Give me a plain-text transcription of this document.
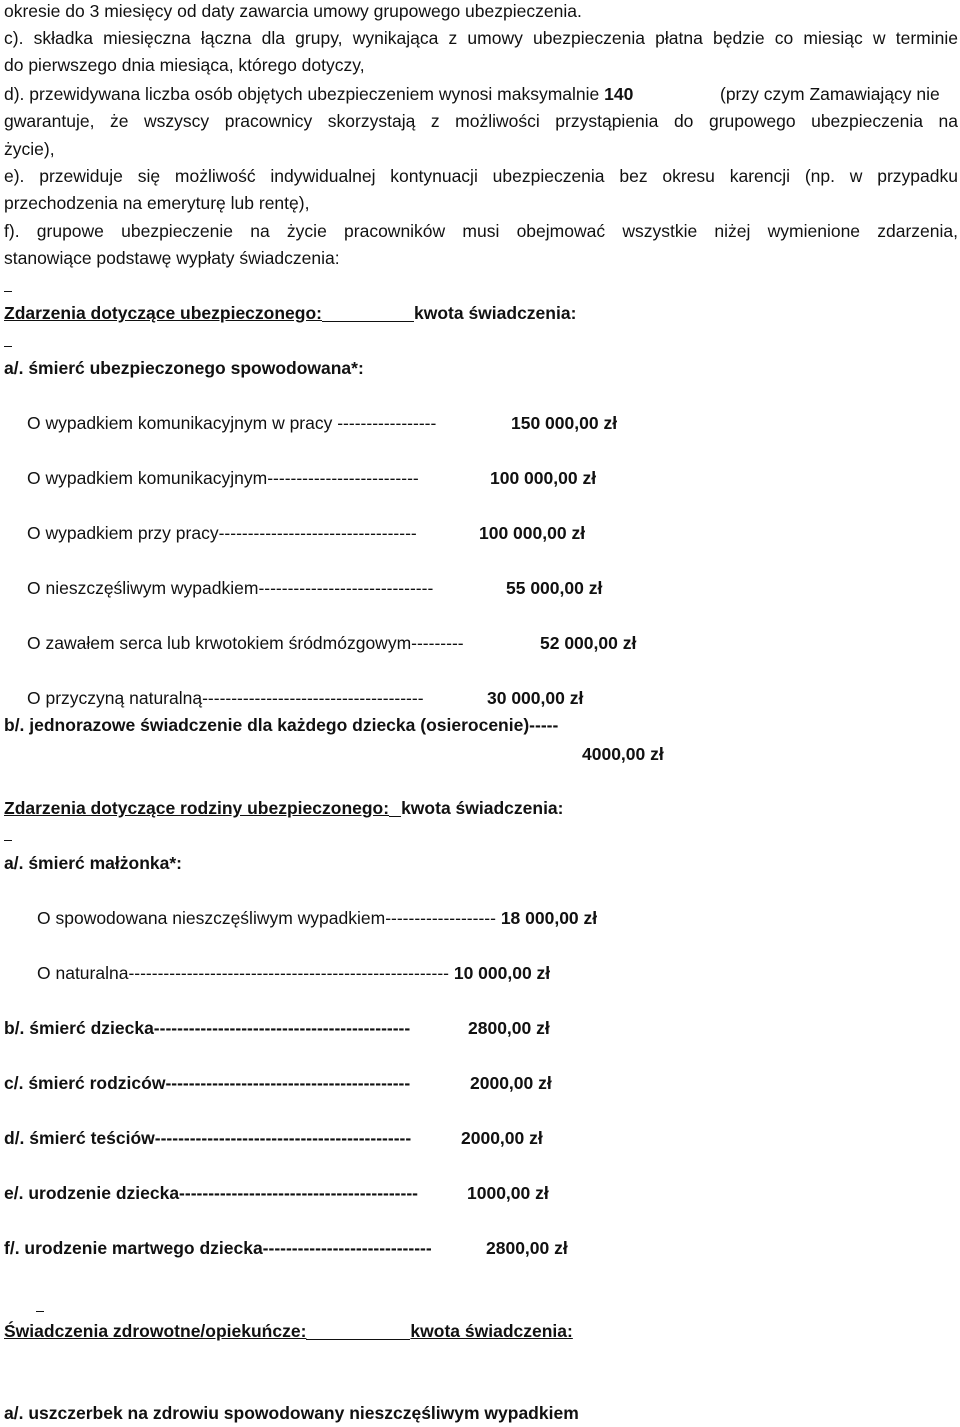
okresie do 3 miesięcy od daty zawarcia umowy grupowego ubezpieczenia.
c). składka miesięczna łączna dla grupy, wynikająca z umowy ubezpieczenia płatna będzie co miesiąc w terminie
do pierwszego dnia miesiąca, którego dotyczy,
d). przewidywana liczba osób objętych ubezpieczeniem wynosi maksymalnie 140	(przy czym Zamawiający nie
gwarantuje, że wszyscy pracownicy skorzystają z możliwości przystąpienia do grupowego ubezpieczenia na
życie),
e). przewiduje się możliwość indywidualnej kontynuacji ubezpieczenia bez okresu karencji (np. w przypadku
przechodzenia na emeryturę lub rentę),
f). grupowe ubezpieczenie na życie pracowników musi obejmować wszystkie niżej wymienione zdarzenia,
stanowiące podstawę wypłaty świadczenia:
Zdarzenia dotyczące ubezpieczonego:	kwota świadczenia:
a/. śmierć ubezpieczonego spowodowana*:
O wypadkiem komunikacyjnym w pracy -----------------	150 000,00 zł
O wypadkiem komunikacyjnym--------------------------	100 000,00 zł
O wypadkiem przy pracy----------------------------------	100 000,00 zł
O nieszczęśliwym wypadkiem------------------------------	55 000,00 zł
O zawałem serca lub krwotokiem śródmózgowym---------	52 000,00 zł
O przyczyną naturalną--------------------------------------	30 000,00 zł
b/. jednorazowe świadczenie dla każdego dziecka (osierocenie)-----
4000,00 zł
Zdarzenia dotyczące rodziny ubezpieczonego: kwota świadczenia:
a/. śmierć małżonka*:
O spowodowana nieszczęśliwym wypadkiem------------------- 18 000,00 zł
O naturalna------------------------------------------------------- 10 000,00 zł
b/. śmierć dziecka--------------------------------------------	2800,00 zł
c/. śmierć rodziców------------------------------------------	2000,00 zł
d/. śmierć teściów--------------------------------------------	2000,00 zł
e/. urodzenie dziecka-----------------------------------------	1000,00 zł
f/. urodzenie martwego dziecka-----------------------------	2800,00 zł
Świadczenia zdrowotne/opiekuńcze:	kwota świadczenia:
a/. uszczerbek na zdrowiu spowodowany nieszczęśliwym wypadkiem
